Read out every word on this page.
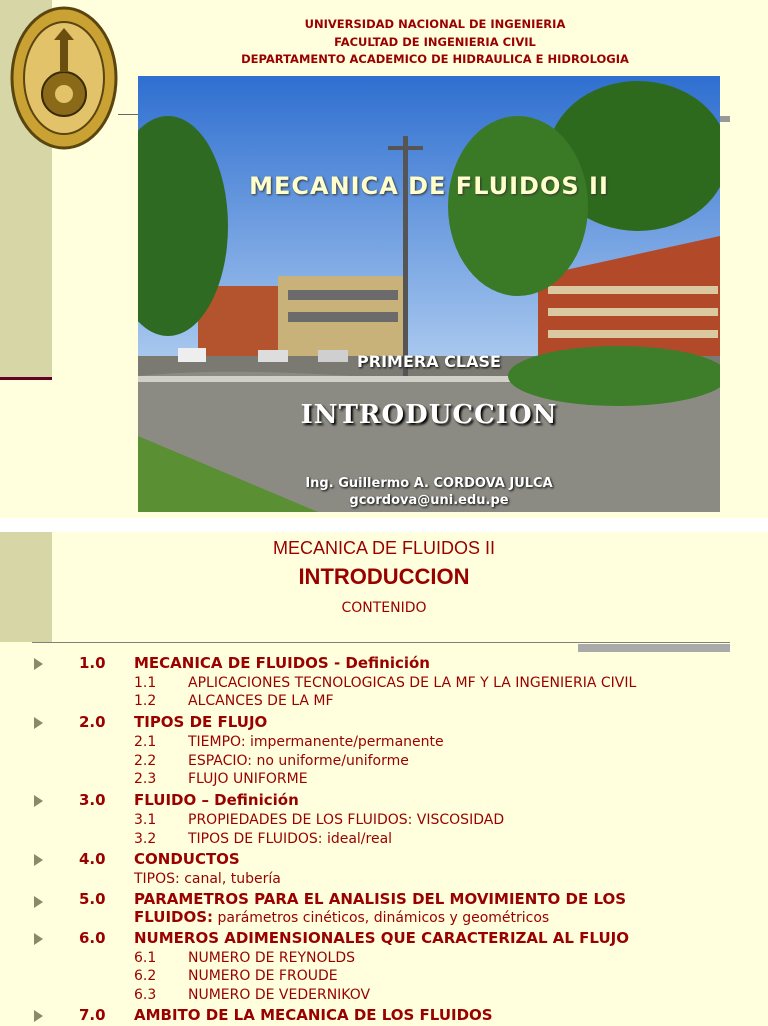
UNIVERSIDAD NACIONAL DE INGENIERIA
FACULTAD DE INGENIERIA CIVIL
DEPARTAMENTO ACADEMICO DE HIDRAULICA E HIDROLOGIA
MECANICA DE FLUIDOS II
PRIMERA CLASE
INTRODUCCION
Ing. Guillermo A. CORDOVA JULCA
gcordova@uni.edu.pe
MECANICA DE FLUIDOS II
INTRODUCCION
CONTENIDO
1.0 MECANICA DE FLUIDOS - Definición
1.1 APLICACIONES TECNOLOGICAS DE LA MF Y LA INGENIERIA CIVIL
1.2 ALCANCES DE LA MF
2.0 TIPOS DE FLUJO
2.1 TIEMPO: impermanente/permanente
2.2 ESPACIO: no uniforme/uniforme
2.3 FLUJO UNIFORME
3.0 FLUIDO – Definición
3.1 PROPIEDADES DE LOS FLUIDOS: VISCOSIDAD
3.2 TIPOS DE FLUIDOS: ideal/real
4.0 CONDUCTOS
TIPOS: canal, tubería
5.0 PARAMETROS PARA EL ANALISIS DEL MOVIMIENTO DE LOS
FLUIDOS: parámetros cinéticos, dinámicos y geométricos
6.0 NUMEROS ADIMENSIONALES QUE CARACTERIZAL AL FLUJO
6.1 NUMERO DE REYNOLDS
6.2 NUMERO DE FROUDE
6.3 NUMERO DE VEDERNIKOV
7.0 AMBITO DE LA MECANICA DE LOS FLUIDOS
